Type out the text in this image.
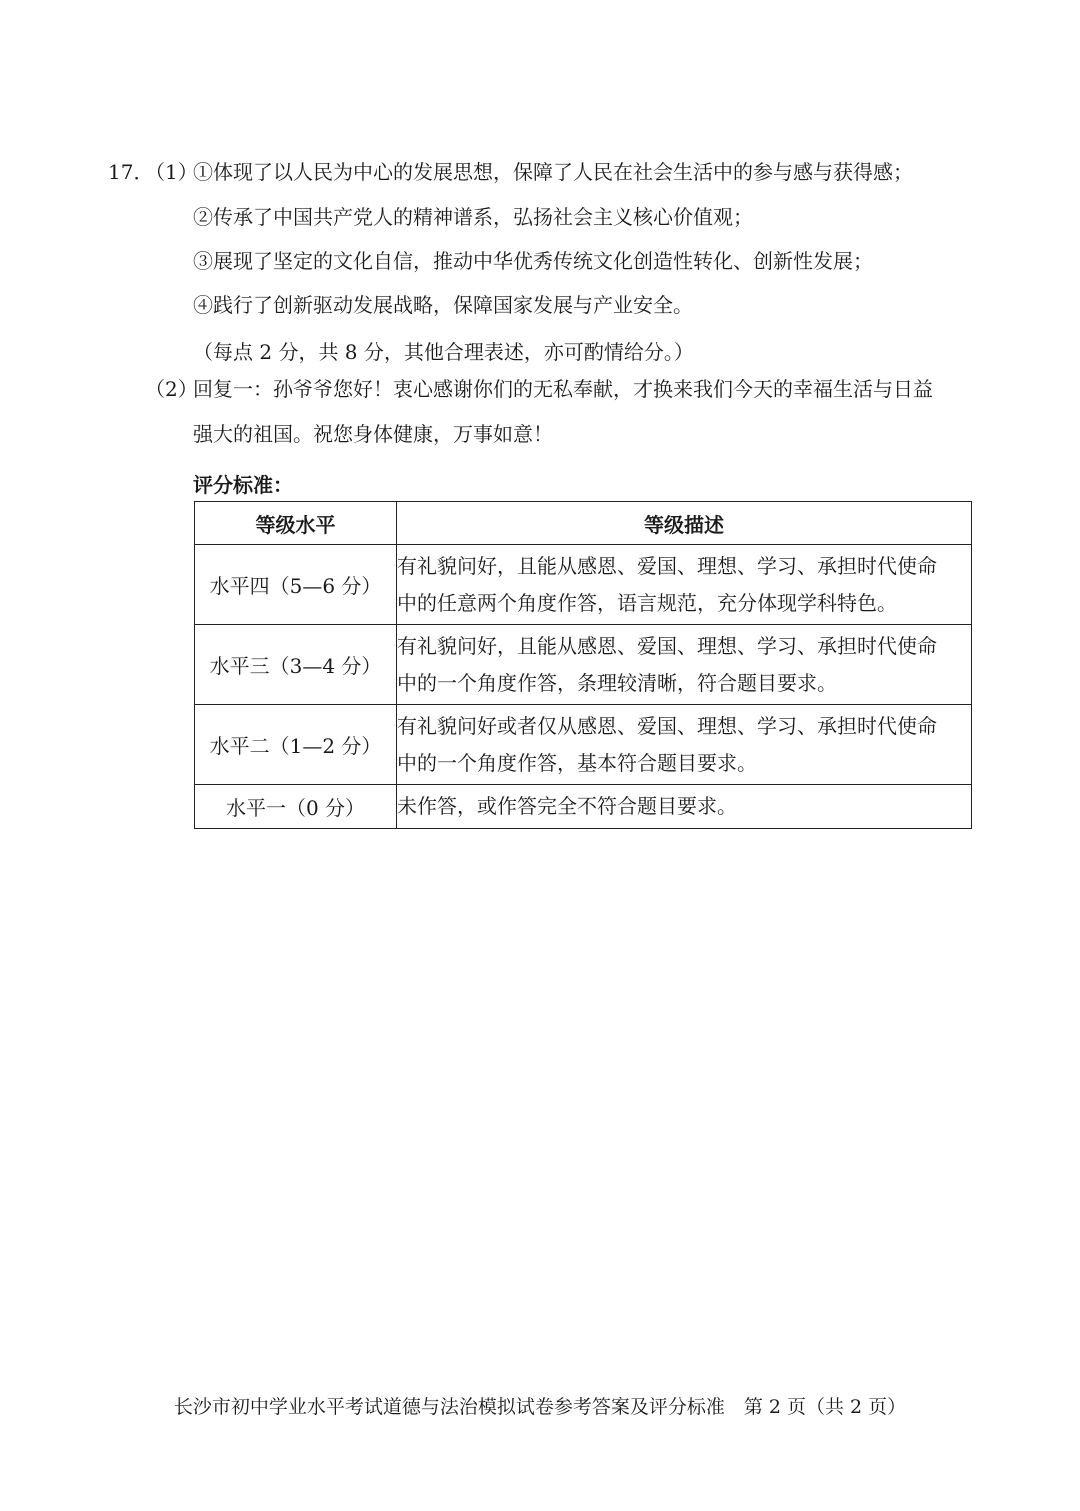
17．
（1）
①体现了以人民为中心的发展思想，保障了人民在社会生活中的参与感与获得感；
②传承了中国共产党人的精神谱系，弘扬社会主义核心价值观；
③展现了坚定的文化自信，推动中华优秀传统文化创造性转化、创新性发展；
④践行了创新驱动发展战略，保障国家发展与产业安全。
（每点 2 分，共 8 分，其他合理表述，亦可酌情给分。）
（2）
回复一：孙爷爷您好！衷心感谢你们的无私奉献，才换来我们今天的幸福生活与日益
强大的祖国。祝您身体健康，万事如意！
评分标准：
等级水平	等级描述
水平四（5—6 分）	有礼貌问好，且能从感恩、爱国、理想、学习、承担时代使命
中的任意两个角度作答，语言规范，充分体现学科特色。

水平三（3—4 分）	有礼貌问好，且能从感恩、爱国、理想、学习、承担时代使命
中的一个角度作答，条理较清晰，符合题目要求。

水平二（1—2 分）	有礼貌问好或者仅从感恩、爱国、理想、学习、承担时代使命
中的一个角度作答，基本符合题目要求。

水平一（0 分）	未作答，或作答完全不符合题目要求。
长沙市初中学业水平考试道德与法治模拟试卷参考答案及评分标准　第 2 页（共 2 页）
